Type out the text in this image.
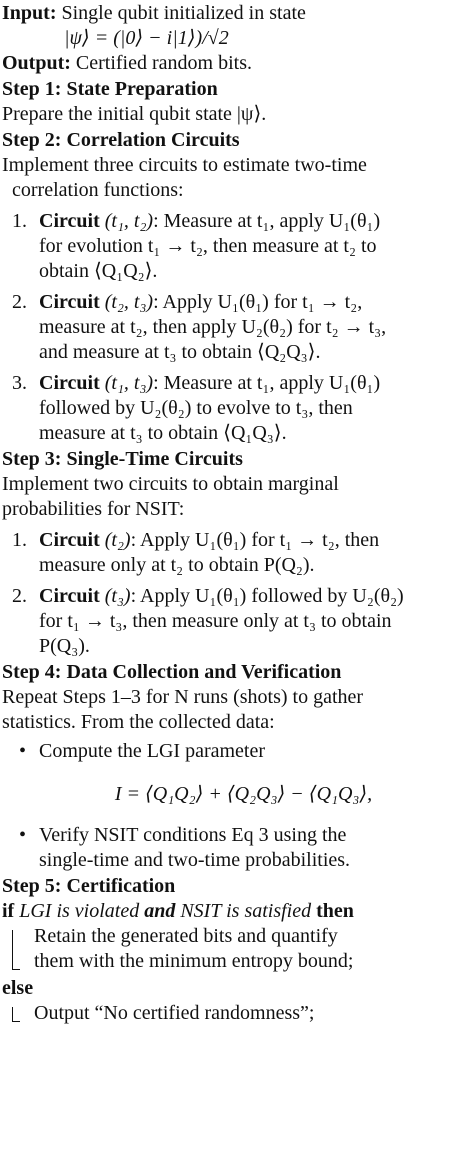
Input: Single qubit initialized in state
|ψ⟩ = (|0⟩ − i|1⟩)/√2
Output: Certified random bits.
Step 1: State Preparation
Prepare the initial qubit state |ψ⟩.
Step 2: Correlation Circuits
Implement three circuits to estimate two-time
correlation functions:
1. Circuit (t₁, t₂): Measure at t₁, apply U₁(θ₁)
for evolution t₁ → t₂, then measure at t₂ to
obtain ⟨Q₁Q₂⟩.
2. Circuit (t₂, t₃): Apply U₁(θ₁) for t₁ → t₂,
measure at t₂, then apply U₂(θ₂) for t₂ → t₃,
and measure at t₃ to obtain ⟨Q₂Q₃⟩.
3. Circuit (t₁, t₃): Measure at t₁, apply U₁(θ₁)
followed by U₂(θ₂) to evolve to t₃, then
measure at t₃ to obtain ⟨Q₁Q₃⟩.
Step 3: Single-Time Circuits
Implement two circuits to obtain marginal
probabilities for NSIT:
1. Circuit (t₂): Apply U₁(θ₁) for t₁ → t₂, then
measure only at t₂ to obtain P(Q₂).
2. Circuit (t₃): Apply U₁(θ₁) followed by U₂(θ₂)
for t₁ → t₃, then measure only at t₃ to obtain
P(Q₃).
Step 4: Data Collection and Verification
Repeat Steps 1–3 for N runs (shots) to gather
statistics. From the collected data:
• Compute the LGI parameter
I = ⟨Q₁Q₂⟩ + ⟨Q₂Q₃⟩ − ⟨Q₁Q₃⟩,
• Verify NSIT conditions Eq 3 using the
single-time and two-time probabilities.
Step 5: Certification
if LGI is violated and NSIT is satisfied then
Retain the generated bits and quantify
them with the minimum entropy bound;
else
Output “No certified randomness”;
